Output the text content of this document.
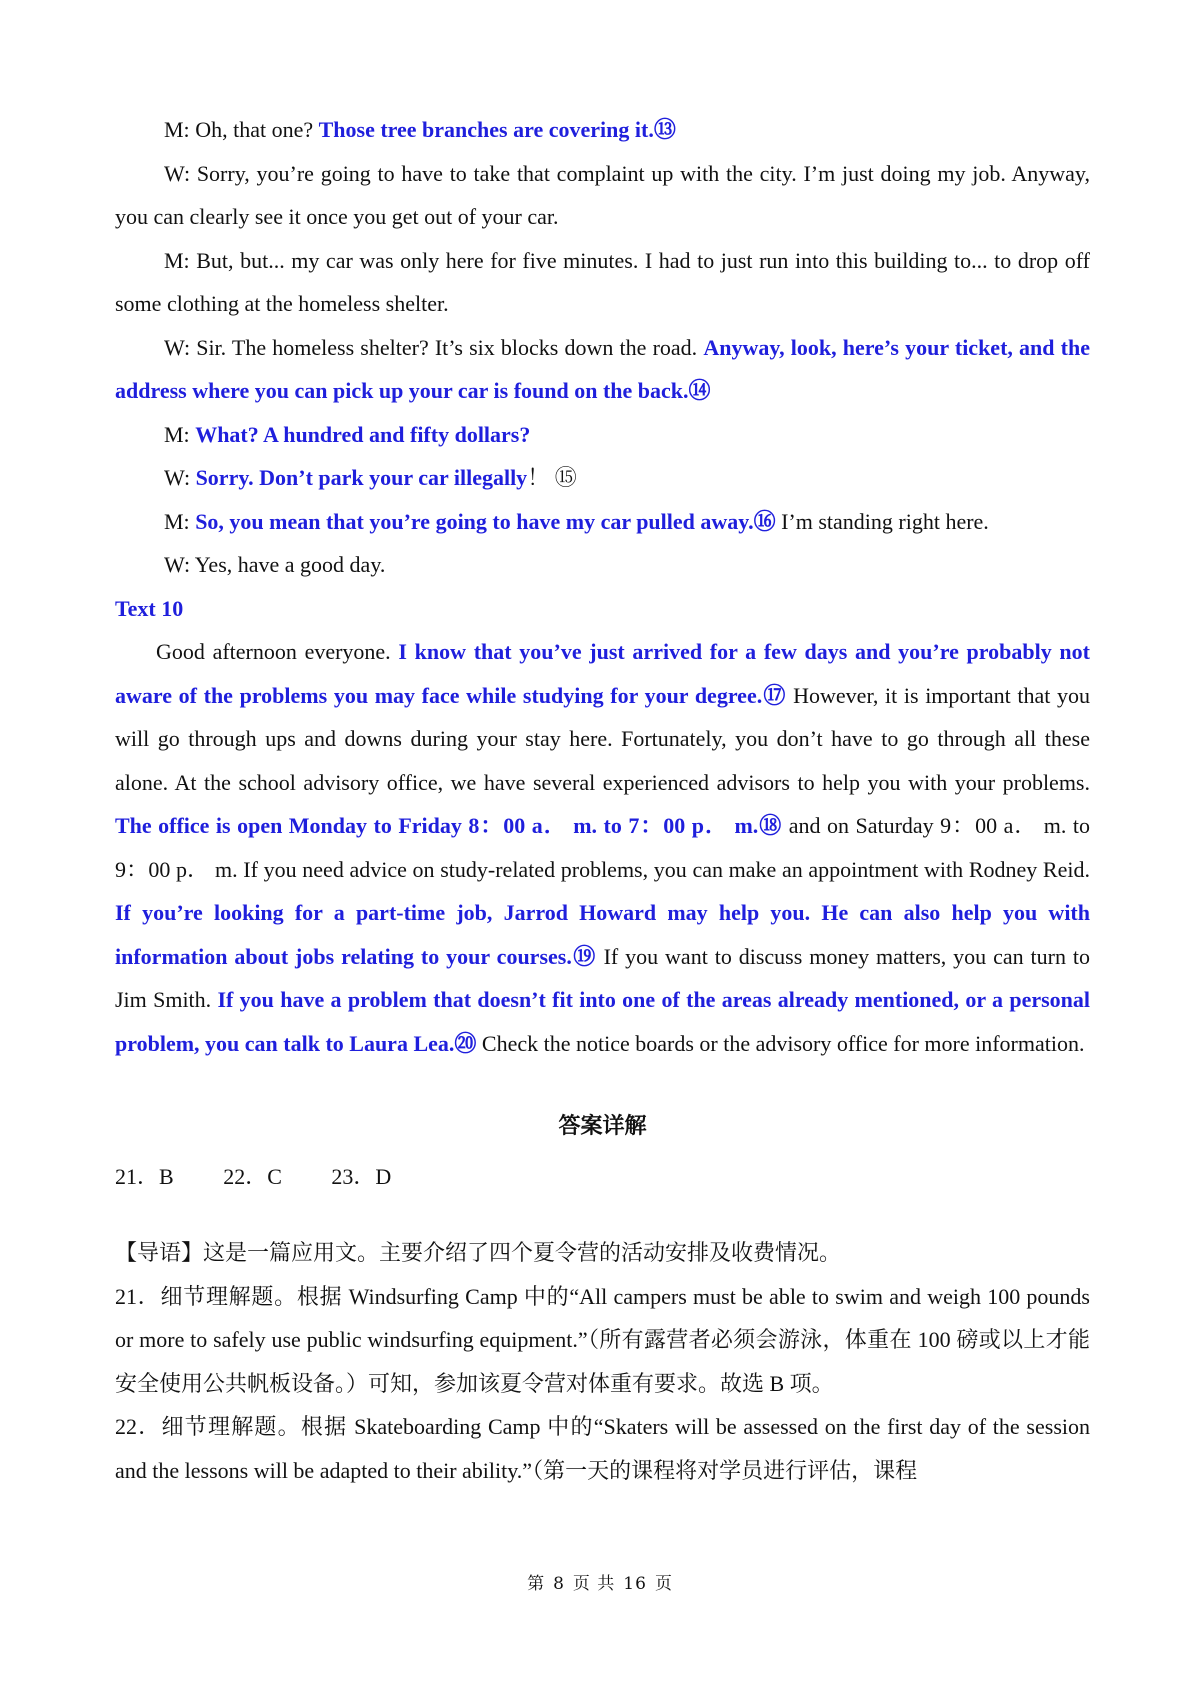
M: Oh, that one? Those tree branches are covering it.⑬

W: Sorry, you’re going to have to take that complaint up with the city. I’m just doing my job. Anyway, you can clearly see it once you get out of your car.

M: But, but... my car was only here for five minutes. I had to just run into this building to... to drop off some clothing at the homeless shelter.

W: Sir. The homeless shelter? It’s six blocks down the road. Anyway, look, here’s your ticket, and the address where you can pick up your car is found on the back.⑭

M: What? A hundred and fifty dollars?

W: Sorry. Don’t park your car illegally！ ⑮

M: So, you mean that you’re going to have my car pulled away.⑯ I’m standing right here.

W: Yes, have a good day.

Text 10

Good afternoon everyone. I know that you’ve just arrived for a few days and you’re probably not aware of the problems you may face while studying for your degree.⑰ However, it is important that you will go through ups and downs during your stay here. Fortunately, you don’t have to go through all these alone. At the school advisory office, we have several experienced advisors to help you with your problems. The office is open Monday to Friday 8：00 a． m. to 7：00 p． m.⑱ and on Saturday 9：00 a． m. to 9：00 p． m. If you need advice on study-related problems, you can make an appointment with Rodney Reid. If you’re looking for a part-time job, Jarrod Howard may help you. He can also help you with information about jobs relating to your courses.⑲ If you want to discuss money matters, you can turn to Jim Smith. If you have a problem that doesn’t fit into one of the areas already mentioned, or a personal problem, you can talk to Laura Lea.⑳ Check the notice boards or the advisory office for more information.

答案详解
21．B 22．C 23．D

【导语】这是一篇应用文。主要介绍了四个夏令营的活动安排及收费情况。

21．细节理解题。根据 Windsurfing Camp 中的“All campers must be able to swim and weigh 100 pounds or more to safely use public windsurfing equipment.”（所有露营者必须会游泳，体重在 100 磅或以上才能安全使用公共帆板设备。）可知，参加该夏令营对体重有要求。故选 B 项。

22．细节理解题。根据 Skateboarding Camp 中的“Skaters will be assessed on the first day of the session and the lessons will be adapted to their ability.”（第一天的课程将对学员进行评估，课程

第 8 页 共 16 页
